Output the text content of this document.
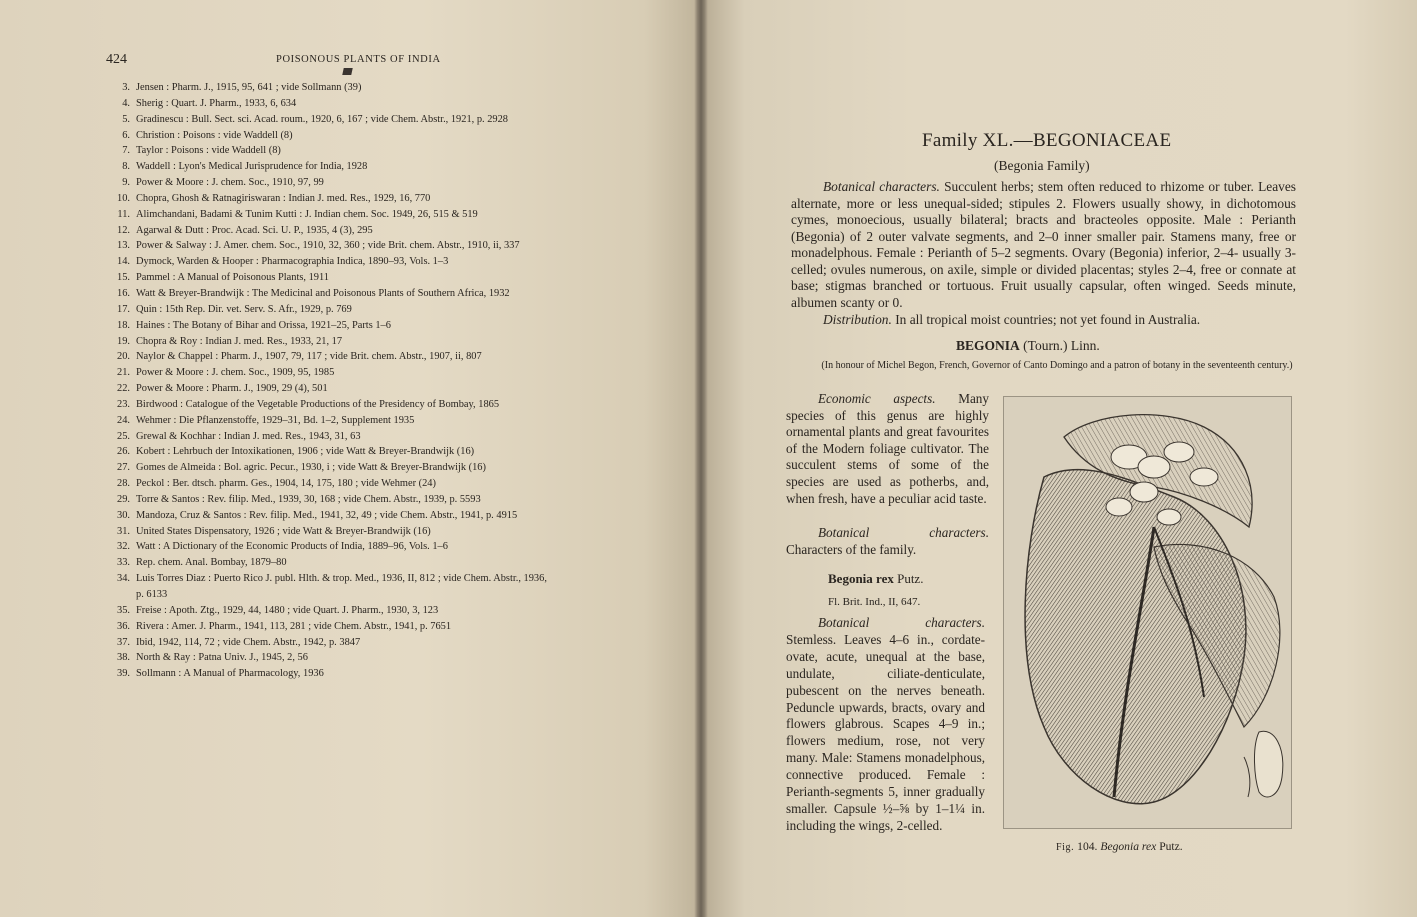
424	POISONOUS PLANTS OF INDIA
3. Jensen : Pharm. J., 1915, 95, 641 ; vide Sollmann (39)
4. Sherig : Quart. J. Pharm., 1933, 6, 634
5. Gradinescu : Bull. Sect. sci. Acad. roum., 1920, 6, 167 ; vide Chem. Abstr., 1921, p. 2928
6. Christion : Poisons : vide Waddell (8)
7. Taylor : Poisons : vide Waddell (8)
8. Waddell : Lyon's Medical Jurisprudence for India, 1928
9. Power & Moore : J. chem. Soc., 1910, 97, 99
10. Chopra, Ghosh & Ratnagiriswaran : Indian J. med. Res., 1929, 16, 770
11. Alimchandani, Badami & Tunim Kutti : J. Indian chem. Soc. 1949, 26, 515 & 519
12. Agarwal & Dutt : Proc. Acad. Sci. U. P., 1935, 4 (3), 295
13. Power & Salway : J. Amer. chem. Soc., 1910, 32, 360 ; vide Brit. chem. Abstr., 1910, ii, 337
14. Dymock, Warden & Hooper : Pharmacographia Indica, 1890–93, Vols. 1–3
15. Pammel : A Manual of Poisonous Plants, 1911
16. Watt & Breyer-Brandwijk : The Medicinal and Poisonous Plants of Southern Africa, 1932
17. Quin : 15th Rep. Dir. vet. Serv. S. Afr., 1929, p. 769
18. Haines : The Botany of Bihar and Orissa, 1921–25, Parts 1–6
19. Chopra & Roy : Indian J. med. Res., 1933, 21, 17
20. Naylor & Chappel : Pharm. J., 1907, 79, 117 ; vide Brit. chem. Abstr., 1907, ii, 807
21. Power & Moore : J. chem. Soc., 1909, 95, 1985
22. Power & Moore : Pharm. J., 1909, 29 (4), 501
23. Birdwood : Catalogue of the Vegetable Productions of the Presidency of Bombay, 1865
24. Wehmer : Die Pflanzenstoffe, 1929–31, Bd. 1–2, Supplement 1935
25. Grewal & Kochhar : Indian J. med. Res., 1943, 31, 63
26. Kobert : Lehrbuch der Intoxikationen, 1906 ; vide Watt & Breyer-Brandwijk (16)
27. Gomes de Almeida : Bol. agric. Pecur., 1930, i ; vide Watt & Breyer-Brandwijk (16)
28. Peckol : Ber. dtsch. pharm. Ges., 1904, 14, 175, 180 ; vide Wehmer (24)
29. Torre & Santos : Rev. filip. Med., 1939, 30, 168 ; vide Chem. Abstr., 1939, p. 5593
30. Mandoza, Cruz & Santos : Rev. filip. Med., 1941, 32, 49 ; vide Chem. Abstr., 1941, p. 4915
31. United States Dispensatory, 1926 ; vide Watt & Breyer-Brandwijk (16)
32. Watt : A Dictionary of the Economic Products of India, 1889–96, Vols. 1–6
33. Rep. chem. Anal. Bombay, 1879–80
34. Luis Torres Diaz : Puerto Rico J. publ. Hlth. & trop. Med., 1936, II, 812 ; vide Chem. Abstr., 1936,
p. 6133
35. Freise : Apoth. Ztg., 1929, 44, 1480 ; vide Quart. J. Pharm., 1930, 3, 123
36. Rivera : Amer. J. Pharm., 1941, 113, 281 ; vide Chem. Abstr., 1941, p. 7651
37. Ibid, 1942, 114, 72 ; vide Chem. Abstr., 1942, p. 3847
38. North & Ray : Patna Univ. J., 1945, 2, 56
39. Sollmann : A Manual of Pharmacology, 1936
Family XL.—BEGONIACEAE
(Begonia Family)

Botanical characters. Succulent herbs; stem often reduced to rhizome or tuber. Leaves alternate, more or less unequal-sided; stipules 2. Flowers usually showy, in dichotomous cymes, monoecious, usually bilateral; bracts and bracteoles opposite. Male : Perianth (Begonia) of 2 outer valvate segments, and 2–0 inner smaller pair. Stamens many, free or monadelphous. Female : Perianth of 5–2 segments. Ovary (Begonia) inferior, 2–4- usually 3-celled; ovules numerous, on axile, simple or divided placentas; styles 2–4, free or connate at base; stigmas branched or tortuous. Fruit usually capsular, often winged. Seeds minute, albumen scanty or 0.

Distribution. In all tropical moist countries; not yet found in Australia.

BEGONIA (Tourn.) Linn.
(In honour of Michel Begon, French, Governor of Canto Domingo and a patron of botany in the seventeenth century.)

Economic aspects. Many species of this genus are highly ornamental plants and great favourites of the Modern foliage cultivator. The succulent stems of some of the species are used as potherbs, and, when fresh, have a peculiar acid taste.

Botanical characters. Characters of the family.

Begonia rex Putz.
Fl. Brit. Ind., II, 647.

Botanical characters. Stemless. Leaves 4–6 in., cordate-ovate, acute, unequal at the base, undulate, ciliate-denticulate, pubescent on the nerves beneath. Peduncle upwards, bracts, ovary and flowers glabrous. Scapes 4–9 in.; flowers medium, rose, not very many. Male: Stamens monadelphous, connective produced. Female : Perianth-segments 5, inner gradually smaller. Capsule ½–⅝ by 1–1¼ in. including the wings, 2-celled.

Fig. 104. Begonia rex Putz.
